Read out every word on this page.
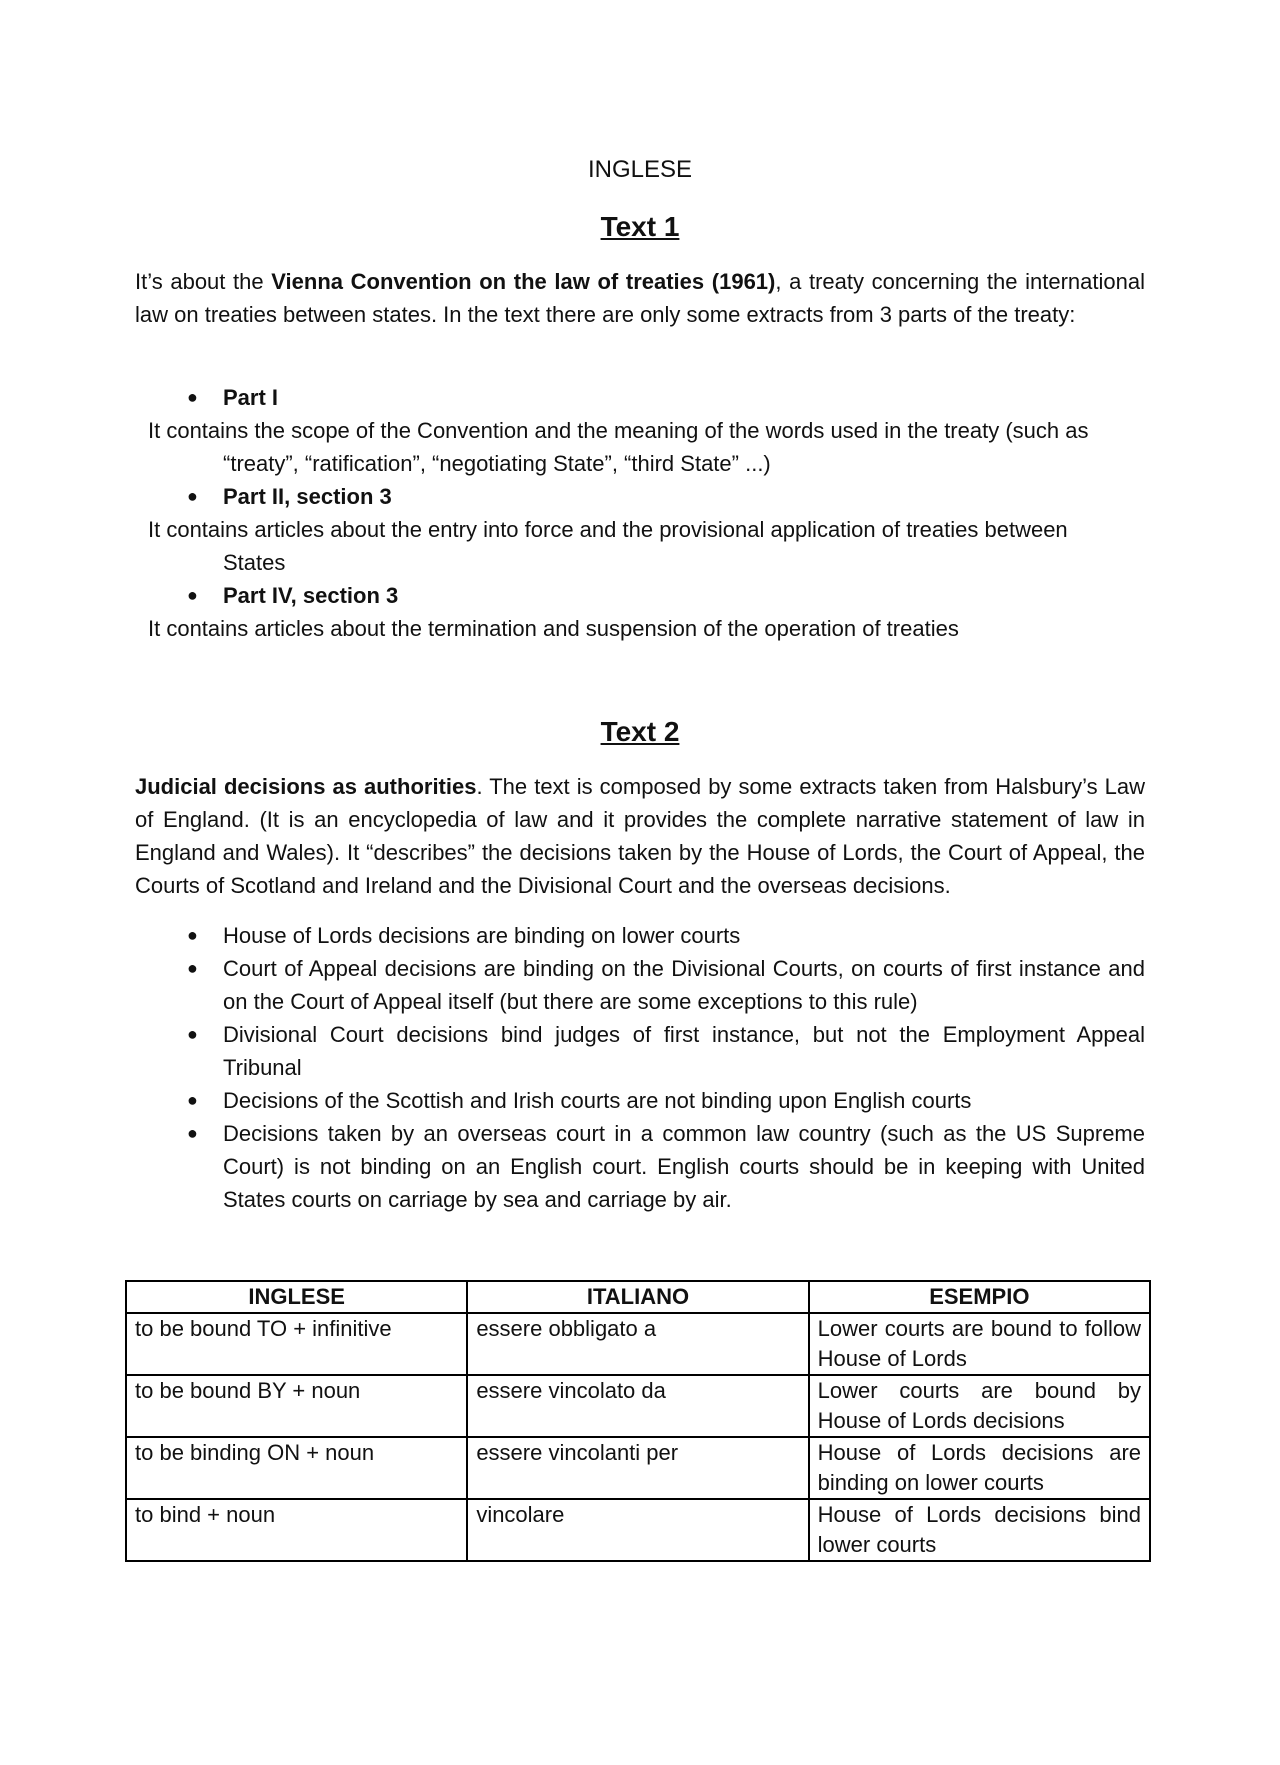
INGLESE
Text 1

It’s about the Vienna Convention on the law of treaties (1961), a treaty concerning the international law on treaties between states. In the text there are only some extracts from 3 parts of the treaty:

● Part I

It contains the scope of the Convention and the meaning of the words used in the treaty (such as
“treaty”, “ratification”, “negotiating State”, “third State” ...)

● Part II, section 3

It contains articles about the entry into force and the provisional application of treaties between
States

● Part IV, section 3

It contains articles about the termination and suspension of the operation of treaties

Text 2

Judicial decisions as authorities. The text is composed by some extracts taken from Halsbury’s Law of England. (It is an encyclopedia of law and it provides the complete narrative statement of law in England and Wales). It “describes” the decisions taken by the House of Lords, the Court of Appeal, the Courts of Scotland and Ireland and the Divisional Court and the overseas decisions.

● House of Lords decisions are binding on lower courts

● Court of Appeal decisions are binding on the Divisional Courts, on courts of first instance and on the Court of Appeal itself (but there are some exceptions to this rule)

● Divisional Court decisions bind judges of first instance, but not the Employment Appeal Tribunal

● Decisions of the Scottish and Irish courts are not binding upon English courts

● Decisions taken by an overseas court in a common law country (such as the US Supreme Court) is not binding on an English court. English courts should be in keeping with United States courts on carriage by sea and carriage by air.

INGLESE	ITALIANO	ESEMPIO
to be bound TO + infinitive	essere obbligato a	Lower courts are bound to follow House of Lords
to be bound BY + noun	essere vincolato da	Lower courts are bound by House of Lords decisions
to be binding ON + noun	essere vincolanti per	House of Lords decisions are binding on lower courts
to bind + noun	vincolare	House of Lords decisions bind lower courts
